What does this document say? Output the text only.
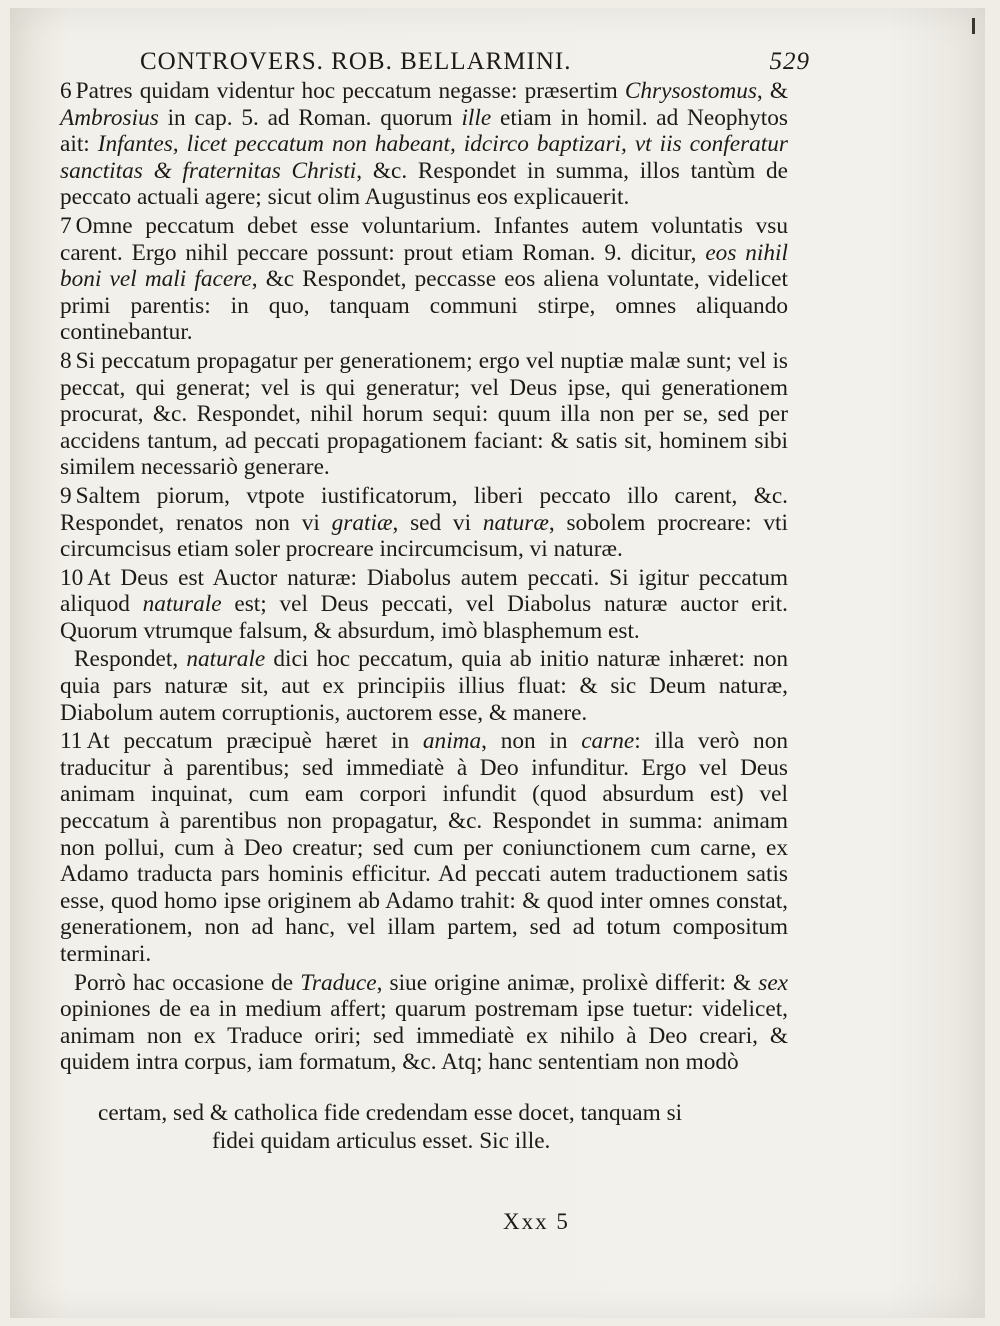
CONTROVERS. ROB. BELLARMINI.	529

6 Patres quidam videntur hoc peccatum negasse: præsertim Chrysostomus, & Ambrosius in cap. 5. ad Roman. quorum ille etiam in homil. ad Neophytos ait: Infantes, licet peccatum non habeant, idcirco baptizari, vt iis conferatur sanctitas & fraternitas Christi, &c. Respondet in summa, illos tantùm de peccato actuali agere; sicut olim Augustinus eos explicauerit.

7 Omne peccatum debet esse voluntarium. Infantes autem voluntatis vsu carent. Ergo nihil peccare possunt: prout etiam Roman. 9. dicitur, eos nihil boni vel mali facere, &c Respondet, peccasse eos aliena voluntate, videlicet primi parentis: in quo, tanquam communi stirpe, omnes aliquando continebantur.

8 Si peccatum propagatur per generationem; ergo vel nuptiæ malæ sunt; vel is peccat, qui generat; vel is qui generatur; vel Deus ipse, qui generationem procurat, &c. Respondet, nihil horum sequi: quum illa non per se, sed per accidens tantum, ad peccati propagationem faciant: & satis sit, hominem sibi similem necessariò generare.

9 Saltem piorum, vtpote iustificatorum, liberi peccato illo carent, &c. Respondet, renatos non vi gratiæ, sed vi naturæ, sobolem procreare: vti circumcisus etiam soler procreare incircumcisum, vi naturæ.

10 At Deus est Auctor naturæ: Diabolus autem peccati. Si igitur peccatum aliquod naturale est; vel Deus peccati, vel Diabolus naturæ auctor erit. Quorum vtrumque falsum, & absurdum, imò blasphemum est.

Respondet, naturale dici hoc peccatum, quia ab initio naturæ inhæret: non quia pars naturæ sit, aut ex principiis illius fluat: & sic Deum naturæ, Diabolum autem corruptionis, auctorem esse, & manere.

11 At peccatum præcipuè hæret in anima, non in carne: illa verò non traducitur à parentibus; sed immediatè à Deo infunditur. Ergo vel Deus animam inquinat, cum eam corpori infundit (quod absurdum est) vel peccatum à parentibus non propagatur, &c. Respondet in summa: animam non pollui, cum à Deo creatur; sed cum per coniunctionem cum carne, ex Adamo traducta pars hominis efficitur. Ad peccati autem traductionem satis esse, quod homo ipse originem ab Adamo trahit: & quod inter omnes constat, generationem, non ad hanc, vel illam partem, sed ad totum compositum terminari.

Porrò hac occasione de Traduce, siue origine animæ, prolixè differit: & sex opiniones de ea in medium affert; quarum postremam ipse tuetur: videlicet, animam non ex Traduce oriri; sed immediatè ex nihilo à Deo creari, & quidem intra corpus, iam formatum, &c. Atq; hanc sententiam non modò

certam, sed & catholica fide credendam esse docet, tanquam si
fidei quidam articulus esset. Sic ille.
Xxx 5
